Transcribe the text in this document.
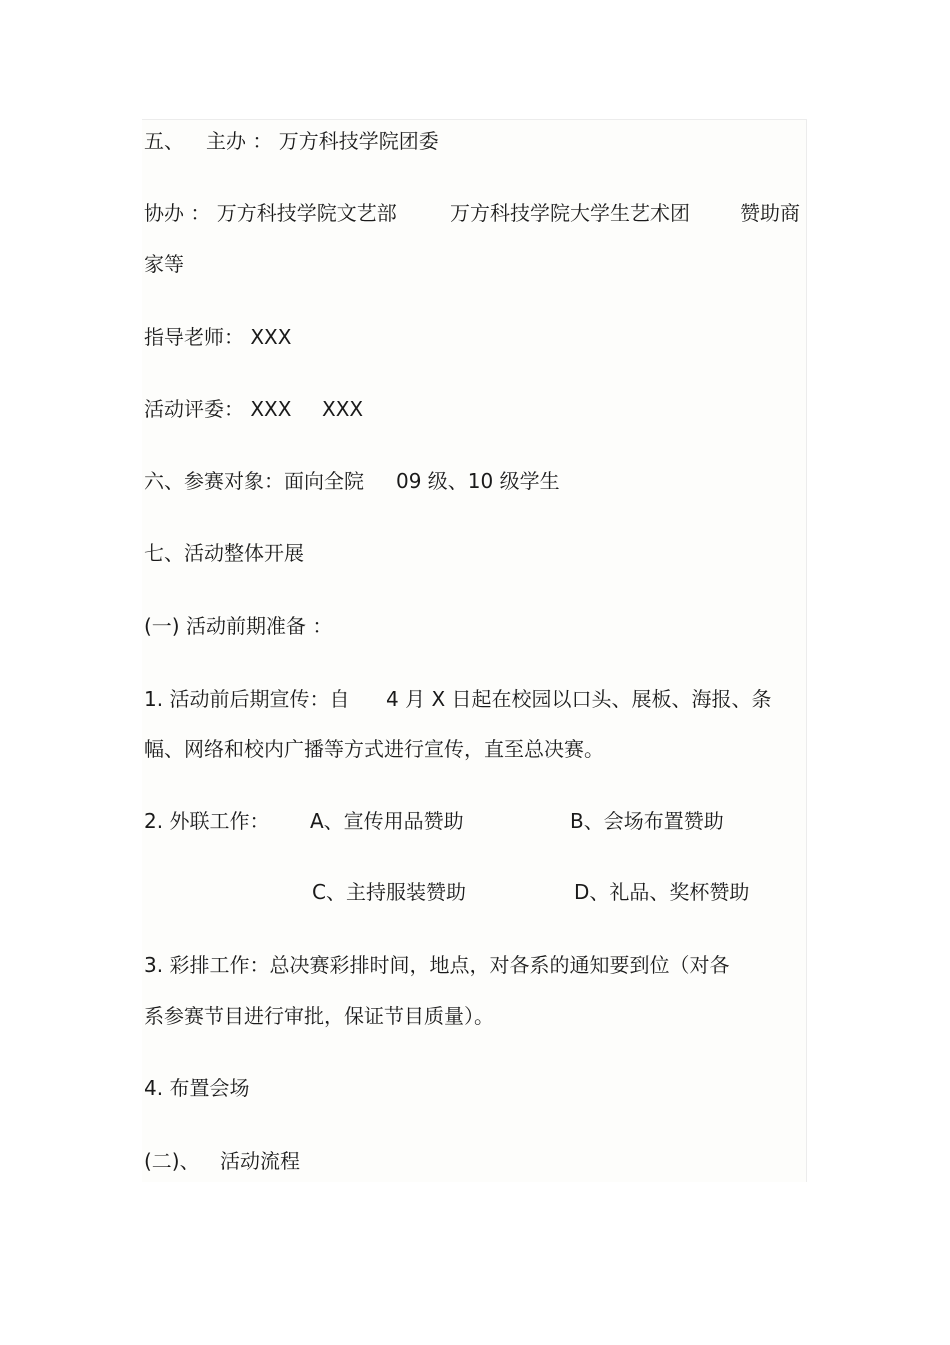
五、 主办 ： 万方科技学院团委
协办 ： 万方科技学院文艺部	万方科技学院大学生艺术团	赞助商
家等
指导老师： XXX
活动评委： XXX XXX
六、参赛对象：面向全院 09 级、10 级学生
七、活动整体开展
(一) 活动前期准备 ：
1. 活动前后期宣传：自 4 月 X 日起在校园以口头、展板、海报、条
幅、网络和校内广播等方式进行宣传，直至总决赛。
2. 外联工作： A、宣传用品赞助	B、会场布置赞助
C、主持服装赞助	D、礼品、奖杯赞助
3. 彩排工作：总决赛彩排时间，地点，对各系的通知要到位（对各
系参赛节目进行审批，保证节目质量）。
4. 布置会场
(二)、 活动流程
